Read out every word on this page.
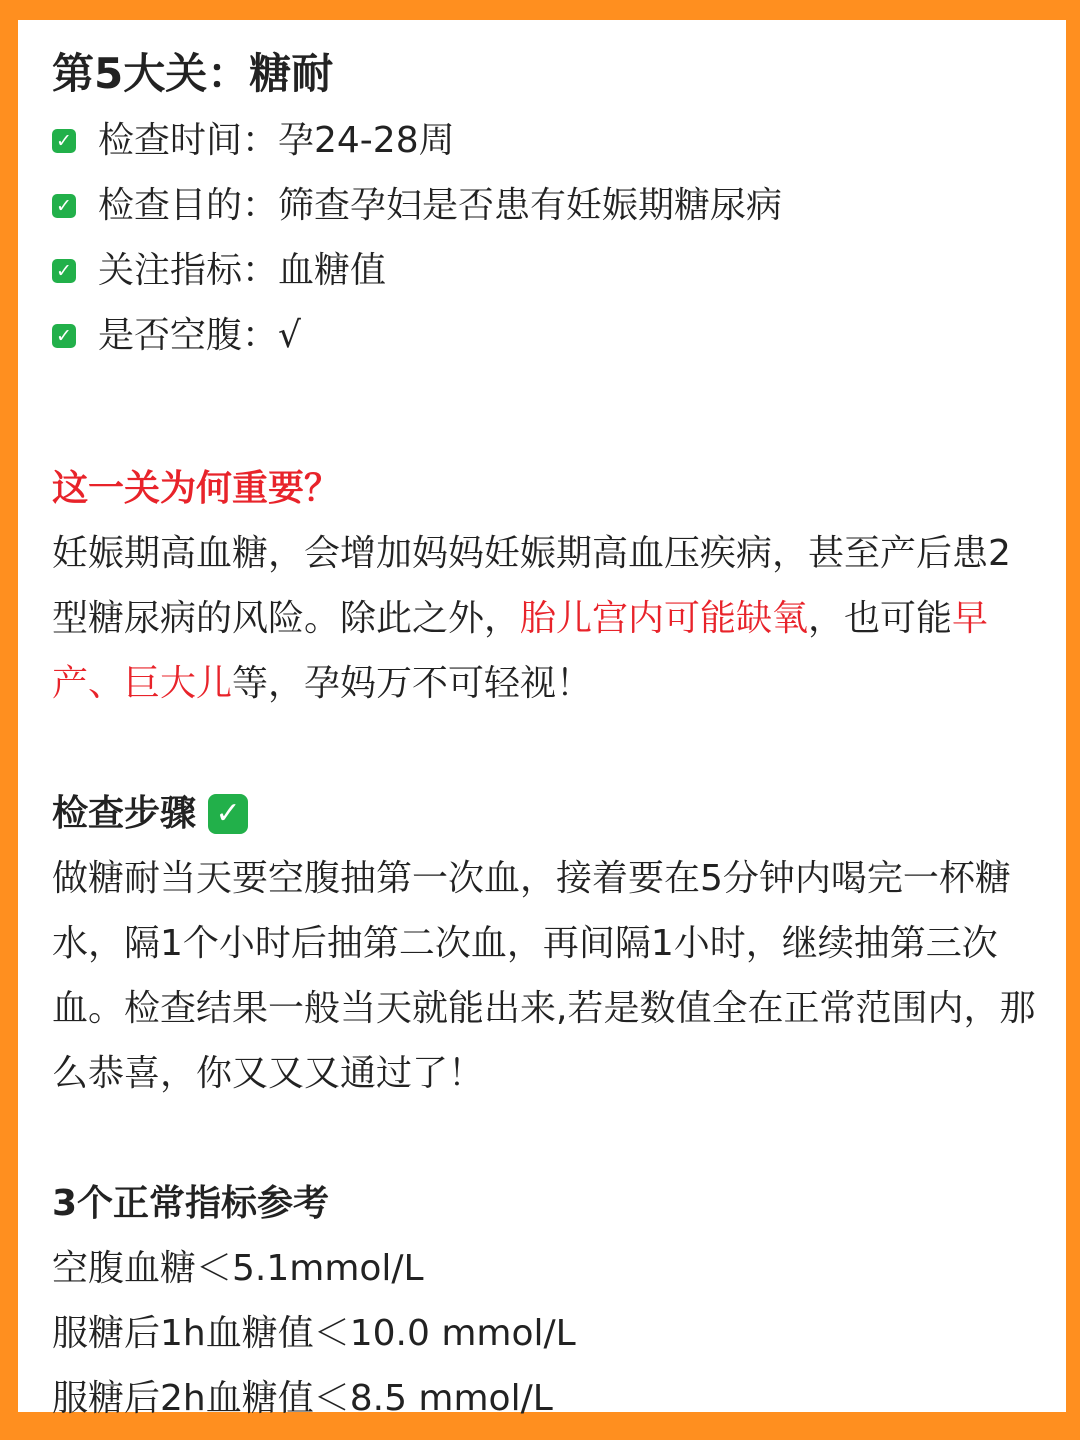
第5大关：糖耐
✓ 检查时间：孕24-28周
✓ 检查目的：筛查孕妇是否患有妊娠期糖尿病
✓ 关注指标：血糖值
✓ 是否空腹：√
这一关为何重要？

妊娠期高血糖，会增加妈妈妊娠期高血压疾病，甚至产后患2型糖尿病的风险。除此之外，胎儿宫内可能缺氧，也可能早产、巨大儿等，孕妈万不可轻视！

检查步骤 ✓

做糖耐当天要空腹抽第一次血，接着要在5分钟内喝完一杯糖水，隔1个小时后抽第二次血，再间隔1小时，继续抽第三次血。检查结果一般当天就能出来,若是数值全在正常范围内，那么恭喜，你又又又通过了！

3个正常指标参考
空腹血糖＜5.1mmol/L
服糖后1h血糖值＜10.0 mmol/L
服糖后2h血糖值＜8.5 mmol/L
